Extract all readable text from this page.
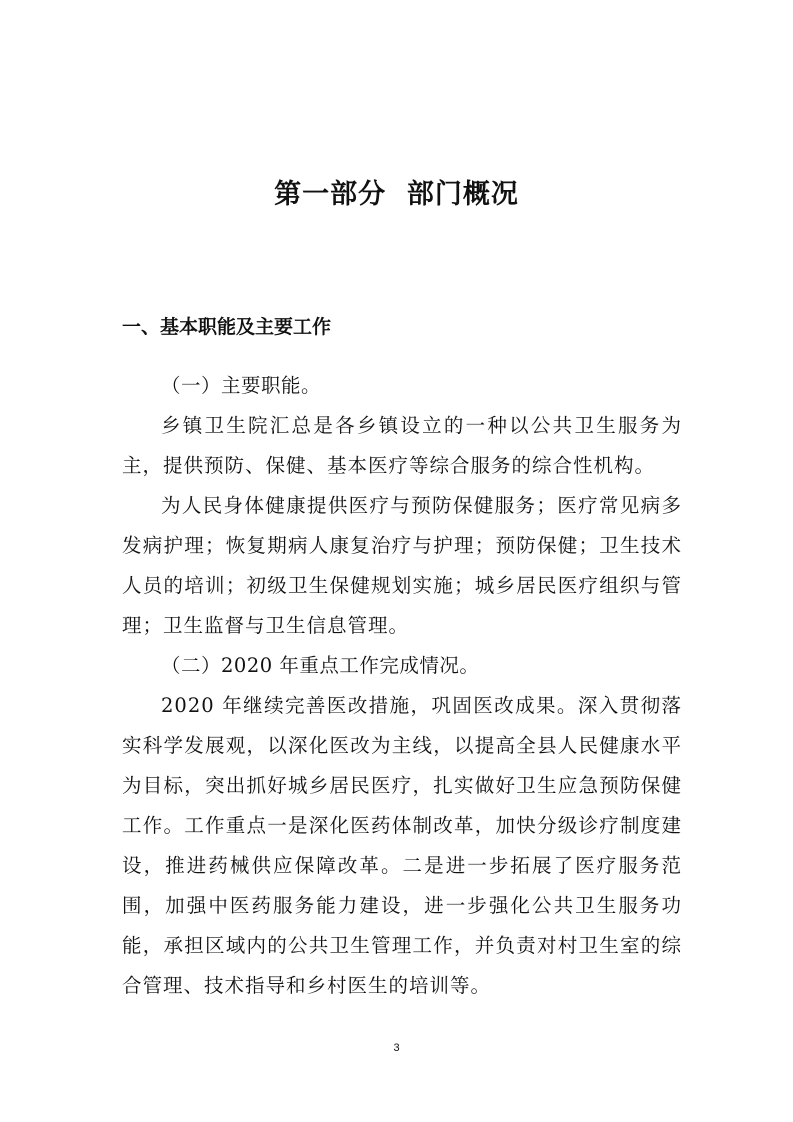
第一部分  部门概况
一、基本职能及主要工作

（一）主要职能。

乡镇卫生院汇总是各乡镇设立的一种以公共卫生服务为主，提供预防、保健、基本医疗等综合服务的综合性机构。

为人民身体健康提供医疗与预防保健服务；医疗常见病多发病护理；恢复期病人康复治疗与护理；预防保健；卫生技术人员的培训；初级卫生保健规划实施；城乡居民医疗组织与管理；卫生监督与卫生信息管理。

（二）2020 年重点工作完成情况。

2020 年继续完善医改措施，巩固医改成果。深入贯彻落实科学发展观，以深化医改为主线，以提高全县人民健康水平为目标，突出抓好城乡居民医疗，扎实做好卫生应急预防保健工作。工作重点一是深化医药体制改革，加快分级诊疗制度建设，推进药械供应保障改革。二是进一步拓展了医疗服务范围，加强中医药服务能力建设，进一步强化公共卫生服务功能，承担区域内的公共卫生管理工作，并负责对村卫生室的综合管理、技术指导和乡村医生的培训等。

3
